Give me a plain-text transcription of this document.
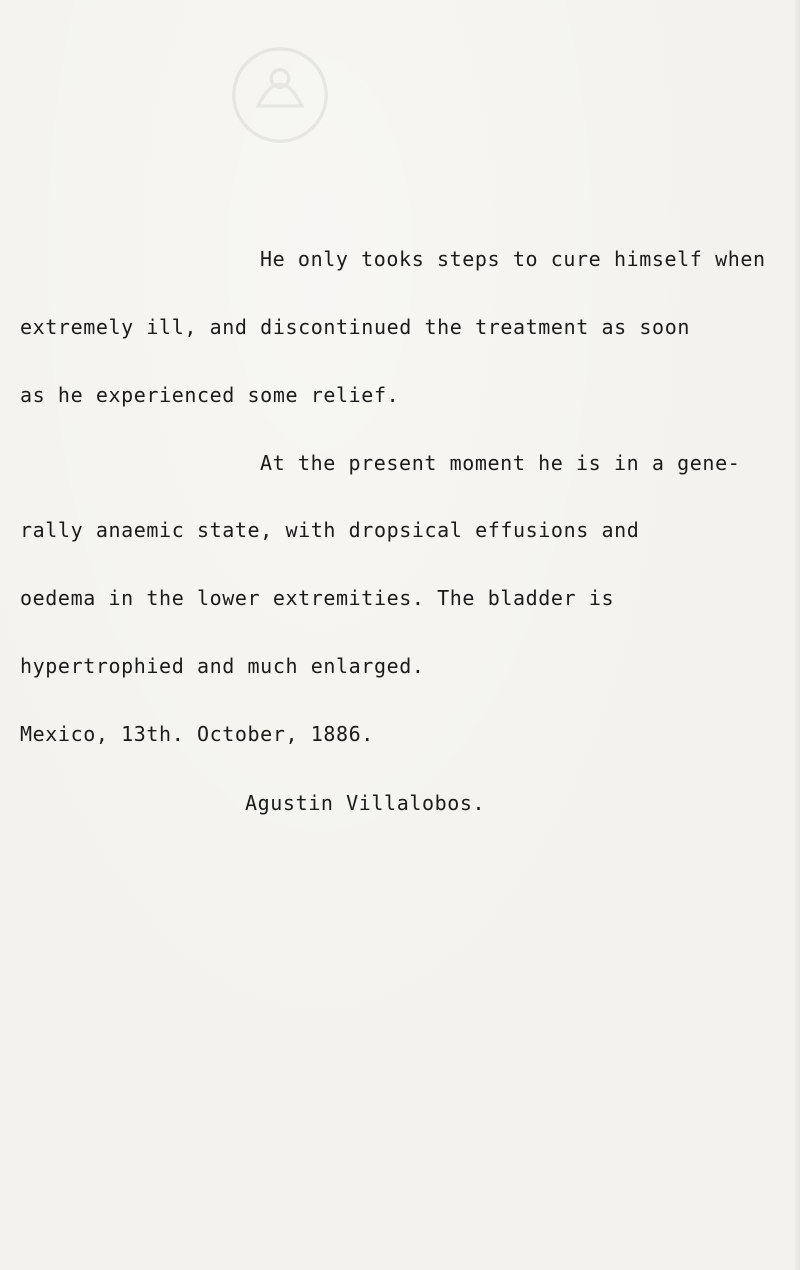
He only tooks steps to cure himself when
extremely ill, and discontinued the treatment as soon
as he experienced some relief.
At the present moment he is in a gene-
rally anaemic state, with dropsical effusions and
oedema in the lower extremities. The bladder is
hypertrophied and much enlarged.
Mexico, 13th. October, 1886.
Agustin Villalobos.
